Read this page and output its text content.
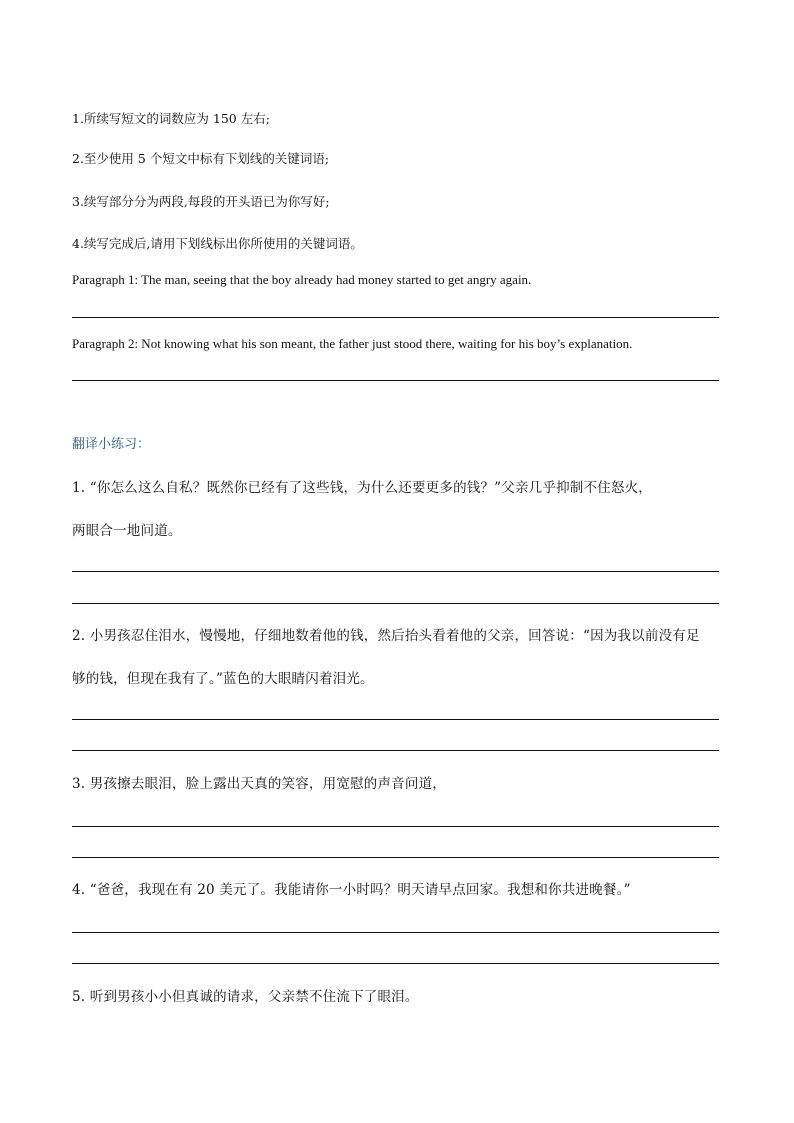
1.所续写短文的词数应为 150 左右;
2.至少使用 5 个短文中标有下划线的关键词语;
3.续写部分分为两段,每段的开头语已为你写好;
4.续写完成后,请用下划线标出你所使用的关键词语。
Paragraph 1: The man, seeing that the boy already had money started to get angry again.
Paragraph 2: Not knowing what his son meant, the father just stood there, waiting for his boy’s explanation.
翻译小练习：
1. “你怎么这么自私？既然你已经有了这些钱，为什么还要更多的钱？”父亲几乎抑制不住怒火，
两眼合一地问道。
2. 小男孩忍住泪水，慢慢地，仔细地数着他的钱，然后抬头看着他的父亲，回答说：“因为我以前没有足
够的钱，但现在我有了。”蓝色的大眼睛闪着泪光。
3. 男孩擦去眼泪，脸上露出天真的笑容，用宽慰的声音问道，
4. “爸爸，我现在有 20 美元了。我能请你一小时吗？明天请早点回家。我想和你共进晚餐。”
5. 听到男孩小小但真诚的请求，父亲禁不住流下了眼泪。
